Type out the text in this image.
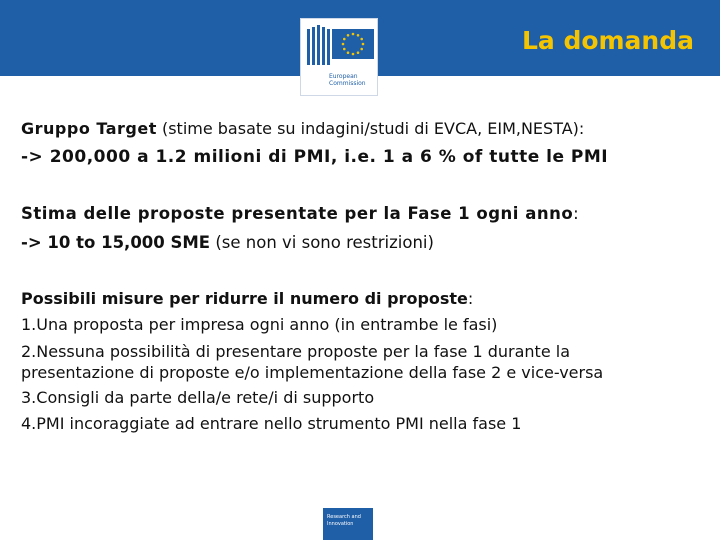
La domanda
European
Commission
Gruppo Target (stime basate su indagini/studi di EVCA, EIM,NESTA):
-> 200,000 a 1.2 milioni di PMI, i.e. 1 a 6 % of tutte le PMI
Stima delle proposte presentate per la Fase 1 ogni anno:
-> 10 to 15,000 SME (se non vi sono restrizioni)
Possibili misure per ridurre il numero di proposte:
1.Una proposta per impresa ogni anno (in entrambe le fasi)
2.Nessuna possibilità di presentare proposte per la fase 1 durante la
presentazione di proposte e/o implementazione della fase 2 e vice-versa
3.Consigli da parte della/e rete/i di supporto
4.PMI incoraggiate ad entrare nello strumento PMI nella fase 1
Research and
Innovation
